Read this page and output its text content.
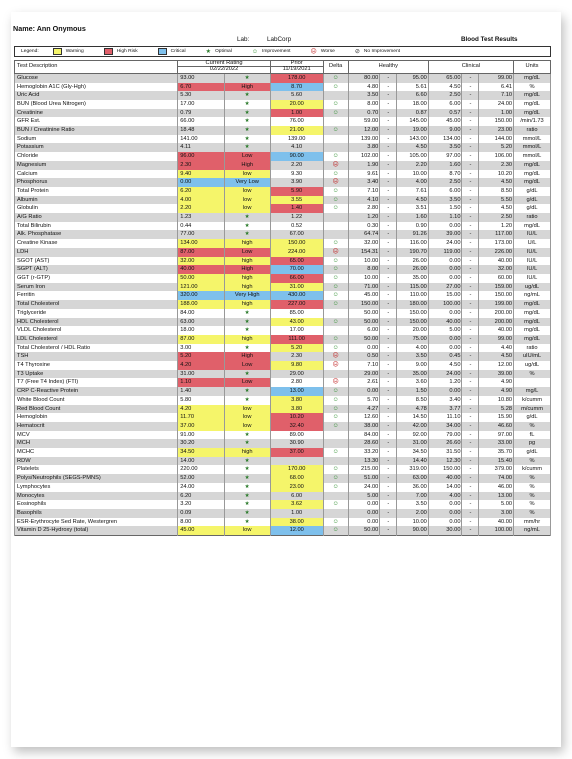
Name: Ann Onymous
Lab:	LabCorp	Blood Test Results
Legend:	Warning	High Risk	Critical	★ Optimal	☺ Improvement	☹ Worse	⊘ No Improvement
Test Description	Current Rating		Prior	Delta	Healthy			Clinical			Units
	02/22/2022		11/19/2021								
Glucose	93.00	★	178.00	☺	80.00	-	95.00	65.00	-	99.00	mg/dL
Hemoglobin A1C (Gly-Hgh)	6.70	High	8.70	☺	4.80	-	5.61	4.50	-	6.41	%
Uric Acid	5.30	★	5.60		3.50	-	6.60	2.50	-	7.10	mg/dL
BUN (Blood Urea Nitrogen)	17.00	★	20.00	☺	8.00	-	18.00	6.00	-	24.00	mg/dL
Creatinine	0.79	★	1.00	☺	0.70	-	0.87	0.57	-	1.00	mg/dL
GFR Est.	66.00	★	76.00		59.00	-	145.00	45.00	-	150.00	/min/1.73
BUN / Creatinine Ratio	18.48	★	21.00	☺	12.00	-	19.00	9.00	-	23.00	ratio
Sodium	141.00	★	139.00		139.00	-	143.00	134.00	-	144.00	mmol/L
Potassium	4.11	★	4.10		3.80	-	4.50	3.50	-	5.20	mmol/L
Chloride	96.00	Low	90.00	☺	102.00	-	105.00	97.00	-	106.00	mmol/L
Magnesium	2.30	High	2.20	☹	1.90	-	2.20	1.60	-	2.30	mg/dL
Calcium	9.40	low	9.30	☺	9.61	-	10.00	8.70	-	10.20	mg/dL
Phosphorus	0.00	Very Low	3.90	☹	3.40	-	4.00	2.50	-	4.50	mg/dL
Total Protein	6.20	low	5.90	☺	7.10	-	7.61	6.00	-	8.50	g/dL
Albumin	4.00	low	3.55	☺	4.10	-	4.50	3.50	-	5.50	g/dL
Globulin	2.20	low	1.40	☺	2.80	-	3.51	1.50	-	4.50	g/dL
A/G Ratio	1.23	★	1.22		1.20	-	1.60	1.10	-	2.50	ratio
Total Bilirubin	0.44	★	0.52		0.30	-	0.90	0.00	-	1.20	mg/dL
Alk. Phosphatase	77.00	★	67.00		64.74	-	91.26	39.00	-	117.00	IU/L
Creatine Kinase	134.00	high	150.00	☺	32.00	-	116.00	24.00	-	173.00	U/L
LDH	87.00	Low	224.00	☹	154.31	-	190.70	119.00	-	226.00	IU/L
SGOT (AST)	32.00	high	65.00	☺	10.00	-	26.00	0.00	-	40.00	IU/L
SGPT (ALT)	40.00	High	70.00	☺	8.00	-	26.00	0.00	-	32.00	IU/L
GGT (r-GTP)	50.00	high	66.00	☺	10.00	-	35.00	0.00	-	60.00	IU/L
Serum Iron	121.00	high	31.00	☺	71.00	-	115.00	27.00	-	159.00	ug/dL
Ferritin	320.00	Very High	430.00	☺	45.00	-	110.00	15.00	-	150.00	ng/mL
Total Cholesterol	188.00	high	227.00	☺	150.00	-	180.00	100.00	-	199.00	mg/dL
Triglyceride	84.00	★	85.00		50.00	-	150.00	0.00	-	200.00	mg/dL
HDL Cholesterol	63.00	★	43.00	☺	50.00	-	150.00	40.00	-	200.00	mg/dL
VLDL Cholesterol	18.00	★	17.00		6.00	-	20.00	5.00	-	40.00	mg/dL
LDL Cholesterol	87.00	high	111.00	☺	50.00	-	75.00	0.00	-	99.00	mg/dL
Total Cholesterol / HDL Ratio	3.00	★	5.20	☺	0.00	-	4.00	0.00	-	4.40	ratio
TSH	5.20	High	2.30	☹	0.50	-	3.50	0.45	-	4.50	uIU/mL
T4 Thyroxine	4.20	Low	9.80	☹	7.10	-	9.00	4.50	-	12.00	ug/dL
T3 Uptake	31.00	★	29.00		29.00	-	35.00	24.00	-	39.00	%
T7 (Free T4 Index) (FTI)	1.10	Low	2.80	☹	2.61	-	3.60	1.20	-	4.90	
CRP C-Reactive Protein	1.40	★	13.00	☺	0.00	-	1.50	0.00	-	4.90	mg/L
White Blood Count	5.80	★	3.80	☺	5.70	-	8.50	3.40	-	10.80	k/cumm
Red Blood Count	4.20	low	3.80	☺	4.27	-	4.78	3.77	-	5.28	m/cumm
Hemoglobin	11.70	low	10.20	☺	12.60	-	14.50	11.10	-	15.90	g/dL
Hematocrit	37.00	low	32.40	☺	38.00	-	42.00	34.00	-	46.60	%
MCV	91.00	★	89.00		84.00	-	92.00	79.00	-	97.00	fL
MCH	30.20	★	30.90		28.60	-	31.00	26.60	-	33.00	pg
MCHC	34.50	high	37.00	☺	33.20	-	34.50	31.50	-	35.70	g/dL
RDW	14.00	★			13.30	-	14.40	12.30	-	15.40	%
Platelets	220.00	★	170.00	☺	215.00	-	319.00	150.00	-	379.00	k/cumm
Polys/Neutrophils (SEGS-PMNS)	52.00	★	68.00	☺	51.00	-	63.00	40.00	-	74.00	%
Lymphocytes	24.00	★	23.00	☺	24.00	-	36.00	14.00	-	46.00	%
Monocytes	6.20	★	6.00		5.00	-	7.00	4.00	-	13.00	%
Eosinophils	3.20	★	3.62	☺	0.00	-	3.50	0.00	-	5.00	%
Basophils	0.09	★	1.00		0.00	-	2.00	0.00	-	3.00	%
ESR-Erythrocyte Sed Rate, Westergren	8.00	★	38.00	☺	0.00	-	10.00	0.00	-	40.00	mm/hr
Vitamin D 25-Hydroxy (total)	45.00	low	12.00	☺	50.00	-	90.00	30.00	-	100.00	ng/mL
